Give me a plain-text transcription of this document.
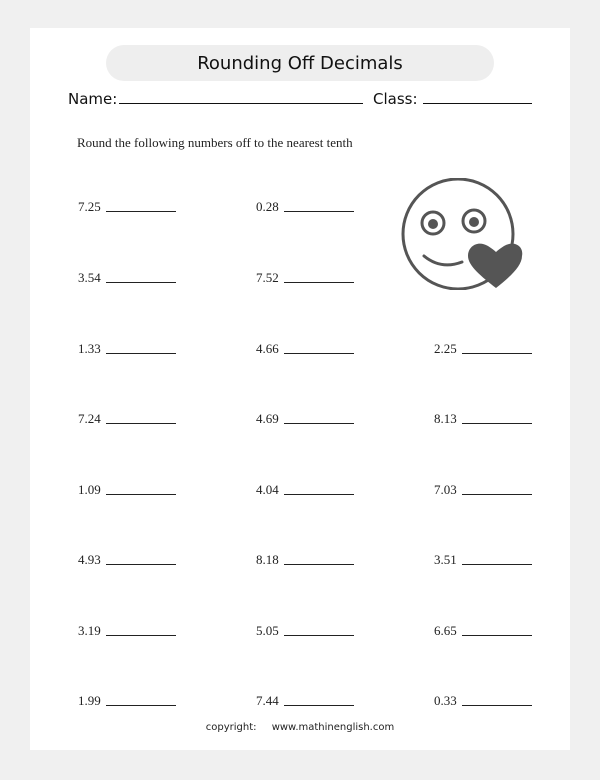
Rounding Off Decimals
Name:	Class:
Round the following numbers off to the nearest tenth
7.25	0.28
3.54	7.52
1.33	4.66	2.25
7.24	4.69	8.13
1.09	4.04	7.03
4.93	8.18	3.51
3.19	5.05	6.65
1.99	7.44	0.33
copyright: www.mathinenglish.com
